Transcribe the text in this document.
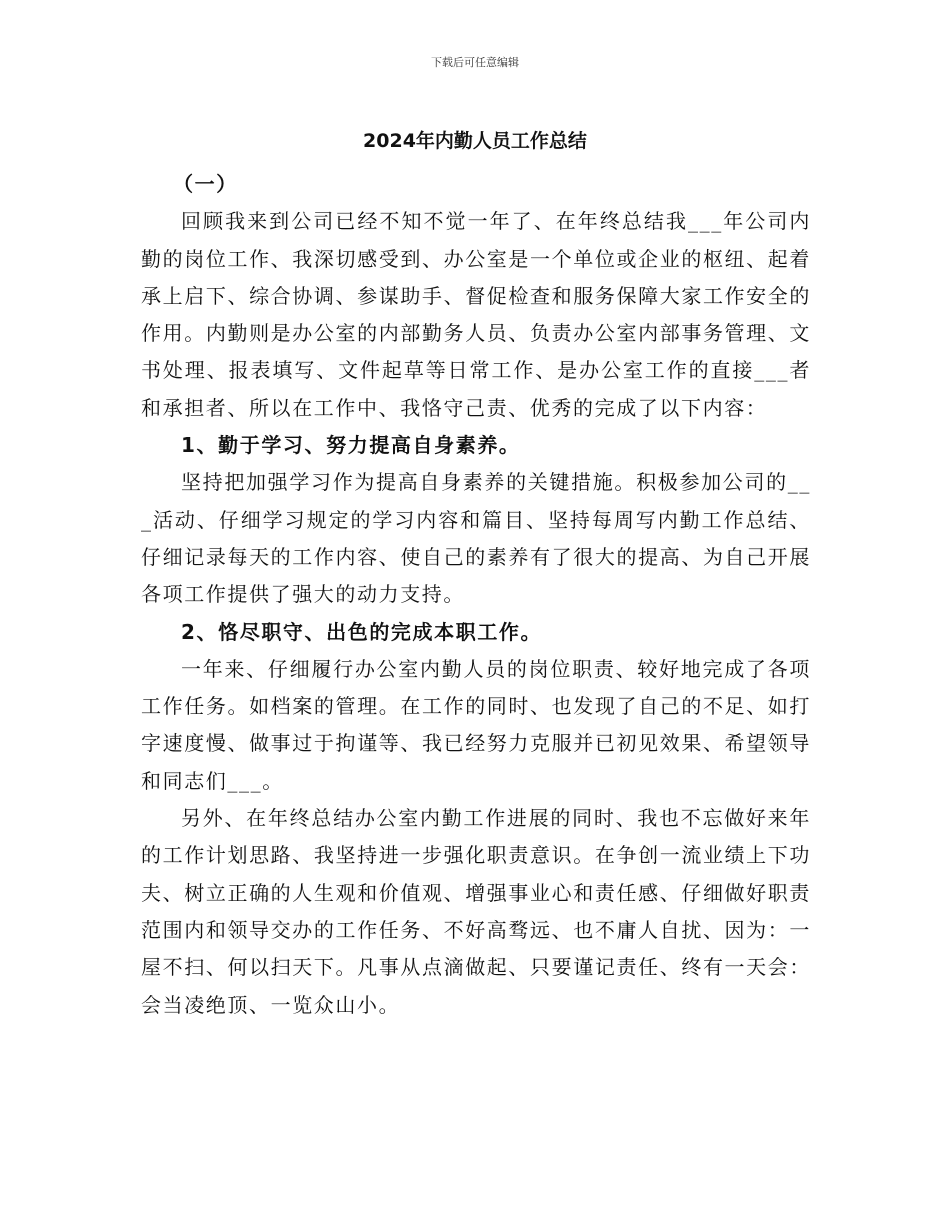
下载后可任意编辑
2024年内勤人员工作总结

（一）

回顾我来到公司已经不知不觉一年了、在年终总结我___年公司内勤的岗位工作、我深切感受到、办公室是一个单位或企业的枢纽、起着承上启下、综合协调、参谋助手、督促检查和服务保障大家工作安全的作用。内勤则是办公室的内部勤务人员、负责办公室内部事务管理、文书处理、报表填写、文件起草等日常工作、是办公室工作的直接___者和承担者、所以在工作中、我恪守己责、优秀的完成了以下内容：

1、勤于学习、努力提高自身素养。

坚持把加强学习作为提高自身素养的关键措施。积极参加公司的___活动、仔细学习规定的学习内容和篇目、坚持每周写内勤工作总结、仔细记录每天的工作内容、使自己的素养有了很大的提高、为自己开展各项工作提供了强大的动力支持。

2、恪尽职守、出色的完成本职工作。

一年来、仔细履行办公室内勤人员的岗位职责、较好地完成了各项工作任务。如档案的管理。在工作的同时、也发现了自己的不足、如打字速度慢、做事过于拘谨等、我已经努力克服并已初见效果、希望领导和同志们___。

另外、在年终总结办公室内勤工作进展的同时、我也不忘做好来年的工作计划思路、我坚持进一步强化职责意识。在争创一流业绩上下功夫、树立正确的人生观和价值观、增强事业心和责任感、仔细做好职责范围内和领导交办的工作任务、不好高骛远、也不庸人自扰、因为：一屋不扫、何以扫天下。凡事从点滴做起、只要谨记责任、终有一天会：会当凌绝顶、一览众山小。
